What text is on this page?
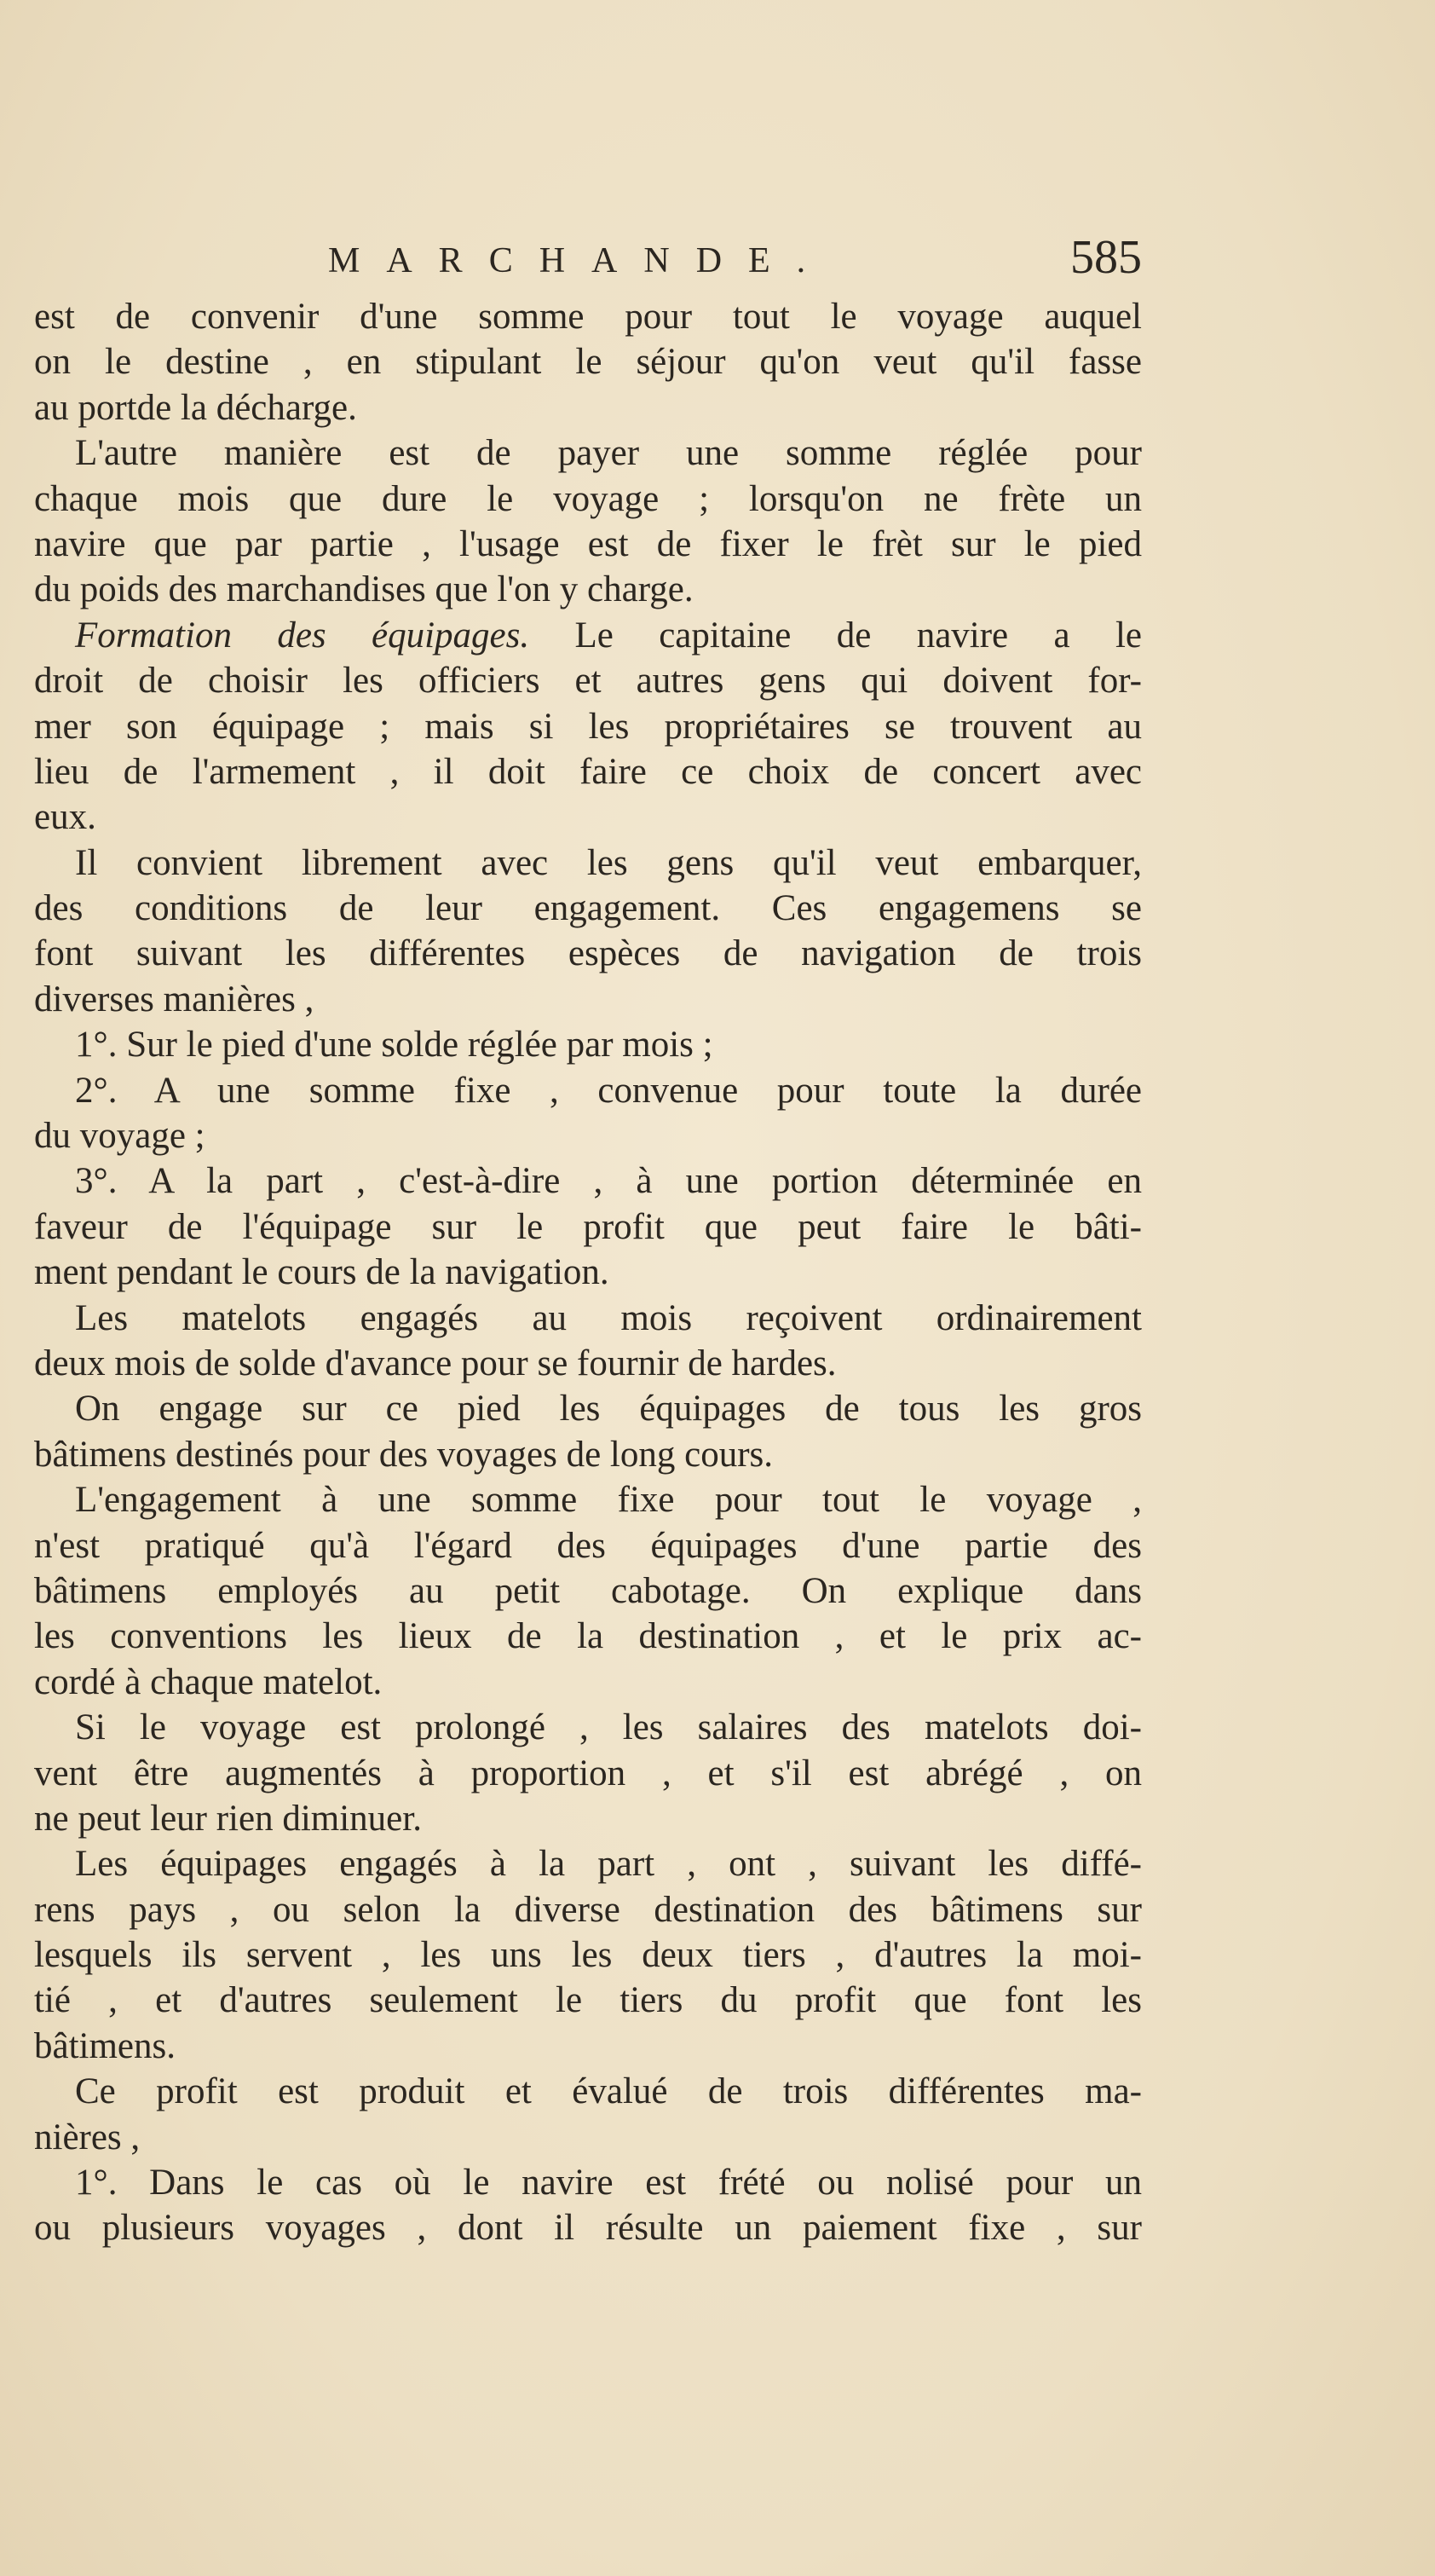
MARCHANDE.	585
est de convenir d'une somme pour tout le voyage auquel
on le destine , en stipulant le séjour qu'on veut qu'il fasse
au portde la décharge.
L'autre manière est de payer une somme réglée pour
chaque mois que dure le voyage ; lorsqu'on ne frète un
navire que par partie , l'usage est de fixer le frèt sur le pied
du poids des marchandises que l'on y charge.
Formation des équipages. Le capitaine de navire a le
droit de choisir les officiers et autres gens qui doivent for-
mer son équipage ; mais si les propriétaires se trouvent au
lieu de l'armement , il doit faire ce choix de concert avec
eux.
Il convient librement avec les gens qu'il veut embarquer,
des conditions de leur engagement. Ces engagemens se
font suivant les différentes espèces de navigation de trois
diverses manières ,
1°. Sur le pied d'une solde réglée par mois ;
2°. A une somme fixe , convenue pour toute la durée
du voyage ;
3°. A la part , c'est-à-dire , à une portion déterminée en
faveur de l'équipage sur le profit que peut faire le bâti-
ment pendant le cours de la navigation.
Les matelots engagés au mois reçoivent ordinairement
deux mois de solde d'avance pour se fournir de hardes.
On engage sur ce pied les équipages de tous les gros
bâtimens destinés pour des voyages de long cours.
L'engagement à une somme fixe pour tout le voyage ,
n'est pratiqué qu'à l'égard des équipages d'une partie des
bâtimens employés au petit cabotage. On explique dans
les conventions les lieux de la destination , et le prix ac-
cordé à chaque matelot.
Si le voyage est prolongé , les salaires des matelots doi-
vent être augmentés à proportion , et s'il est abrégé , on
ne peut leur rien diminuer.
Les équipages engagés à la part , ont , suivant les diffé-
rens pays , ou selon la diverse destination des bâtimens sur
lesquels ils servent , les uns les deux tiers , d'autres la moi-
tié , et d'autres seulement le tiers du profit que font les
bâtimens.
Ce profit est produit et évalué de trois différentes ma-
nières ,
1°. Dans le cas où le navire est frété ou nolisé pour un
ou plusieurs voyages , dont il résulte un paiement fixe , sur
